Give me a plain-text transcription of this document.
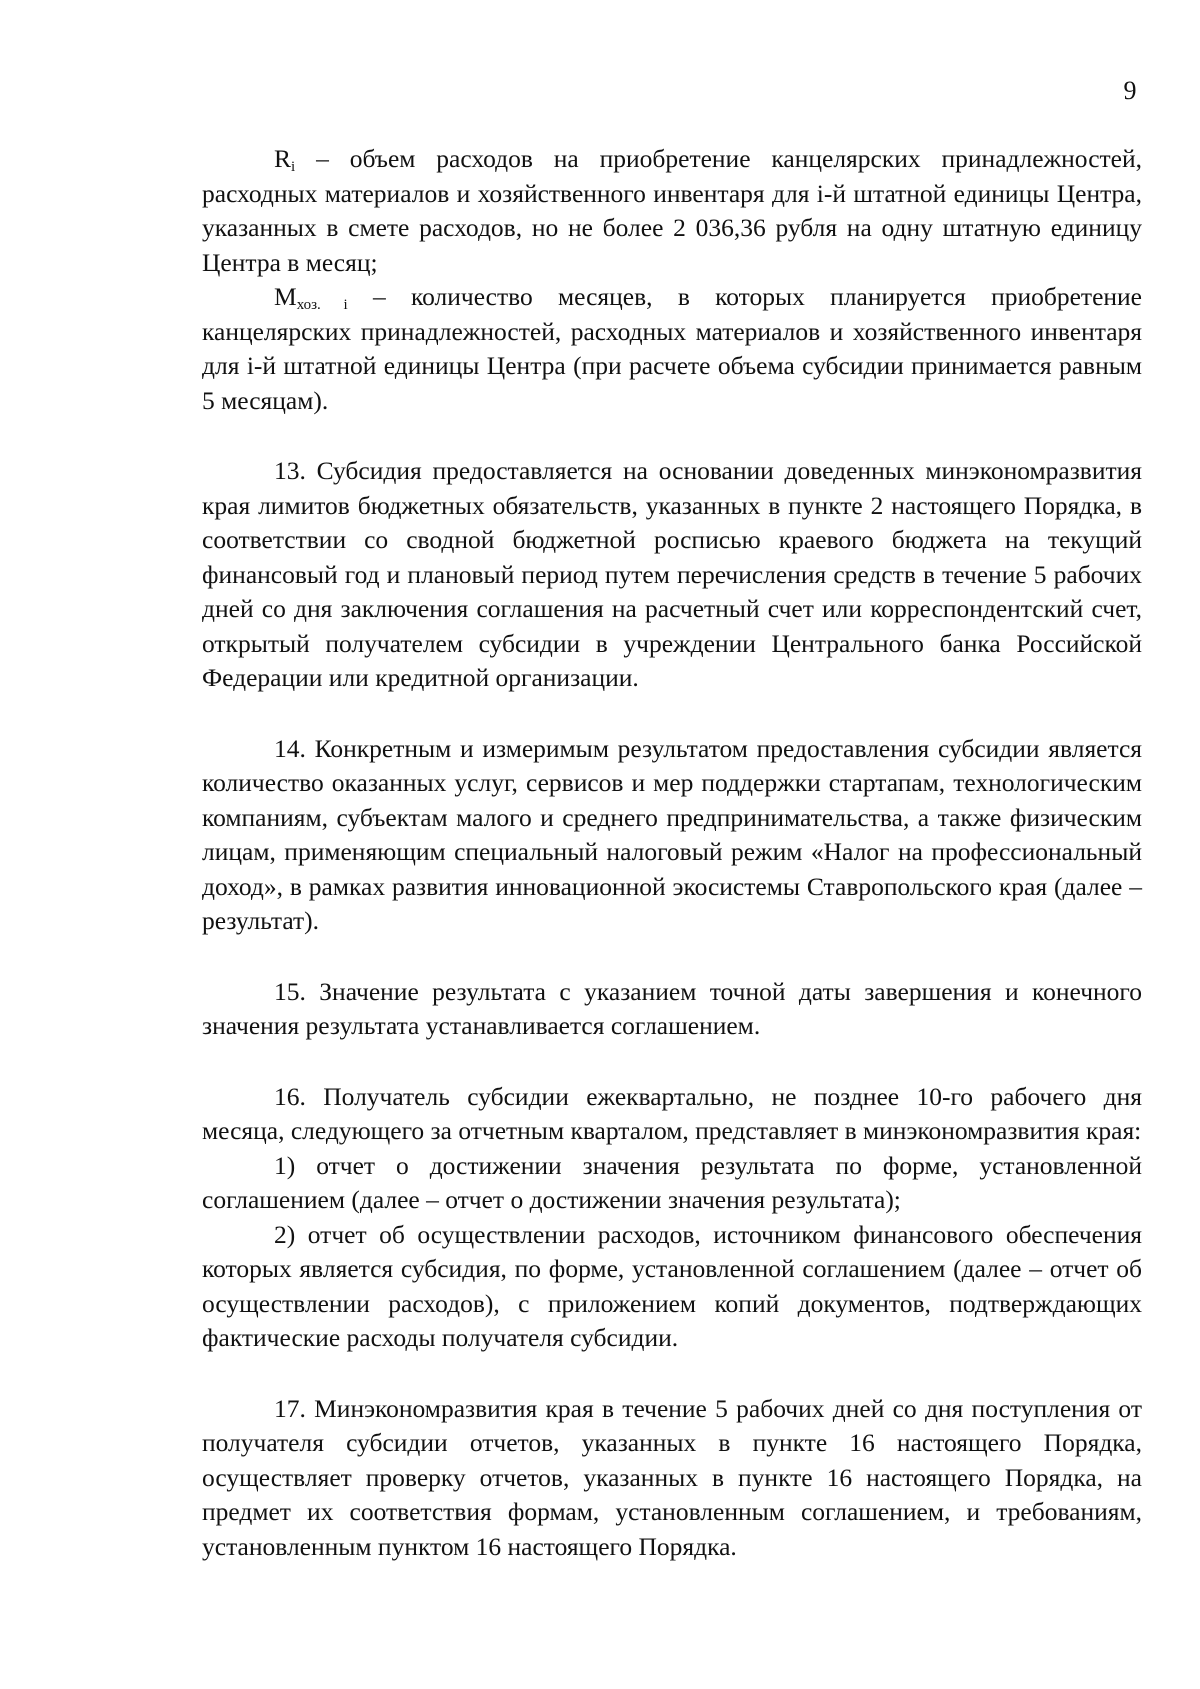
9

$R_i$ – объем расходов на приобретение канцелярских принадлежностей, расходных материалов и хозяйственного инвентаря для i-й штатной единицы Центра, указанных в смете расходов, но не более 2 036,36 рубля на одну штатную единицу Центра в месяц;

$M_{хоз. i}$ – количество месяцев, в которых планируется приобретение канцелярских принадлежностей, расходных материалов и хозяйственного инвентаря для i-й штатной единицы Центра (при расчете объема субсидии принимается равным 5 месяцам).

13. Субсидия предоставляется на основании доведенных минэкономразвития края лимитов бюджетных обязательств, указанных в пункте 2 настоящего Порядка, в соответствии со сводной бюджетной росписью краевого бюджета на текущий финансовый год и плановый период путем перечисления средств в течение 5 рабочих дней со дня заключения соглашения на расчетный счет или корреспондентский счет, открытый получателем субсидии в учреждении Центрального банка Российской Федерации или кредитной организации.

14. Конкретным и измеримым результатом предоставления субсидии является количество оказанных услуг, сервисов и мер поддержки стартапам, технологическим компаниям, субъектам малого и среднего предпринимательства, а также физическим лицам, применяющим специальный налоговый режим «Налог на профессиональный доход», в рамках развития инновационной экосистемы Ставропольского края (далее – результат).

15. Значение результата с указанием точной даты завершения и конечного значения результата устанавливается соглашением.

16. Получатель субсидии ежеквартально, не позднее 10-го рабочего дня месяца, следующего за отчетным кварталом, представляет в минэкономразвития края:

1) отчет о достижении значения результата по форме, установленной соглашением (далее – отчет о достижении значения результата);

2) отчет об осуществлении расходов, источником финансового обеспечения которых является субсидия, по форме, установленной соглашением (далее – отчет об осуществлении расходов), с приложением копий документов, подтверждающих фактические расходы получателя субсидии.

17. Минэкономразвития края в течение 5 рабочих дней со дня поступления от получателя субсидии отчетов, указанных в пункте 16 настоящего Порядка, осуществляет проверку отчетов, указанных в пункте 16 настоящего Порядка, на предмет их соответствия формам, установленным соглашением, и требованиям, установленным пунктом 16 настоящего Порядка.
